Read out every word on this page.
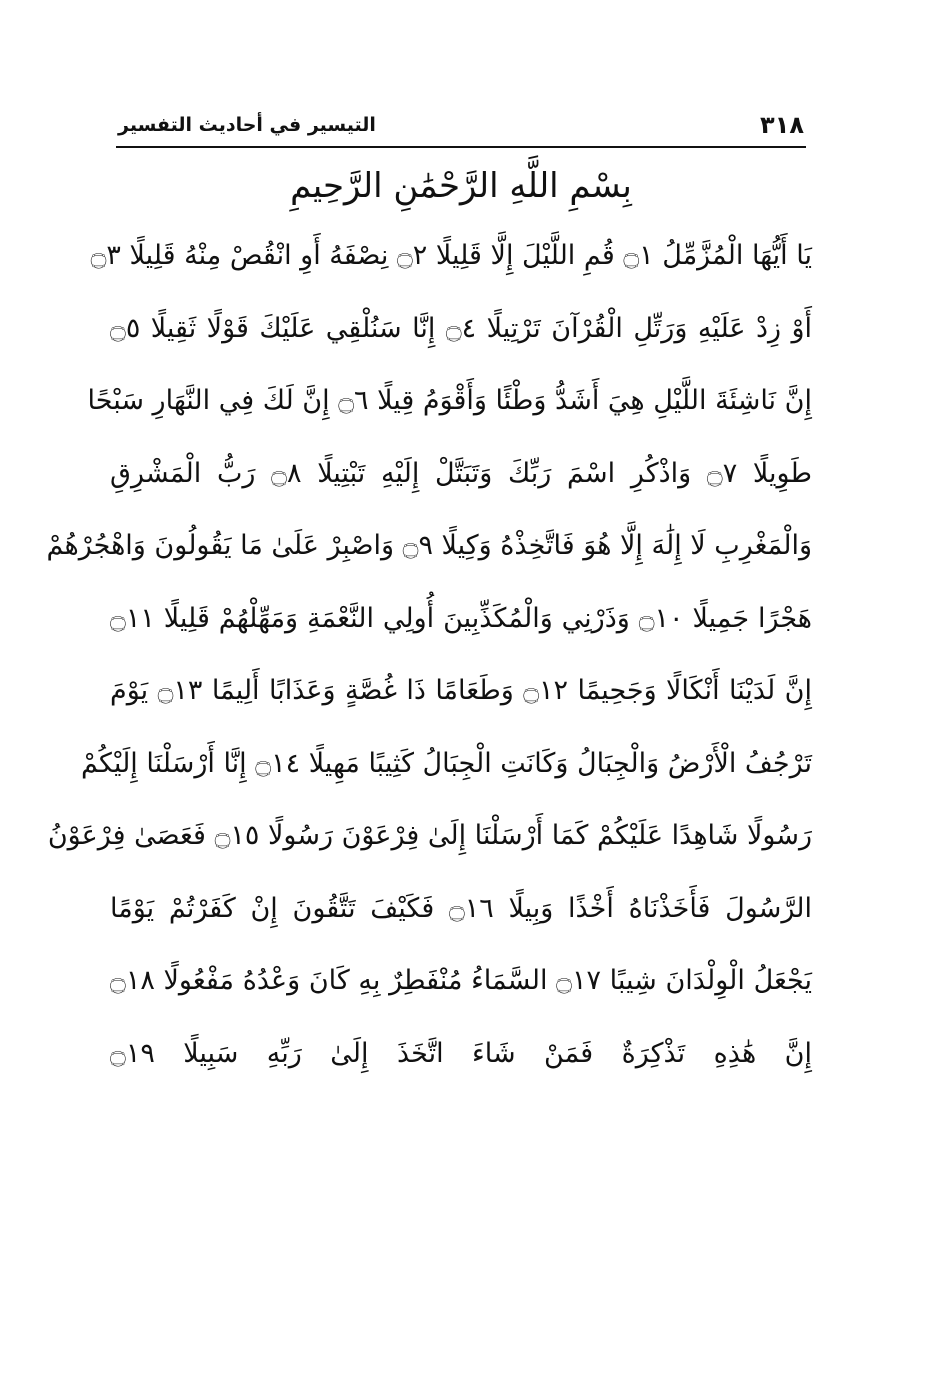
٣١٨
التيسير في أحاديث التفسير
بِسْمِ اللَّهِ الرَّحْمَٰنِ الرَّحِيمِ
يَا أَيُّهَا الْمُزَّمِّلُ ۝١ قُمِ اللَّيْلَ إِلَّا قَلِيلًا ۝٢ نِصْفَهُ أَوِ انْقُصْ مِنْهُ قَلِيلًا ۝٣
أَوْ زِدْ عَلَيْهِ وَرَتِّلِ الْقُرْآنَ تَرْتِيلًا ۝٤ إِنَّا سَنُلْقِي عَلَيْكَ قَوْلًا ثَقِيلًا ۝٥
إِنَّ نَاشِئَةَ اللَّيْلِ هِيَ أَشَدُّ وَطْئًا وَأَقْوَمُ قِيلًا ۝٦ إِنَّ لَكَ فِي النَّهَارِ سَبْحًا
طَوِيلًا ۝٧ وَاذْكُرِ اسْمَ رَبِّكَ وَتَبَتَّلْ إِلَيْهِ تَبْتِيلًا ۝٨ رَبُّ الْمَشْرِقِ
وَالْمَغْرِبِ لَا إِلَٰهَ إِلَّا هُوَ فَاتَّخِذْهُ وَكِيلًا ۝٩ وَاصْبِرْ عَلَىٰ مَا يَقُولُونَ وَاهْجُرْهُمْ
هَجْرًا جَمِيلًا ۝١٠ وَذَرْنِي وَالْمُكَذِّبِينَ أُولِي النَّعْمَةِ وَمَهِّلْهُمْ قَلِيلًا ۝١١
إِنَّ لَدَيْنَا أَنْكَالًا وَجَحِيمًا ۝١٢ وَطَعَامًا ذَا غُصَّةٍ وَعَذَابًا أَلِيمًا ۝١٣ يَوْمَ
تَرْجُفُ الْأَرْضُ وَالْجِبَالُ وَكَانَتِ الْجِبَالُ كَثِيبًا مَهِيلًا ۝١٤ إِنَّا أَرْسَلْنَا إِلَيْكُمْ
رَسُولًا شَاهِدًا عَلَيْكُمْ كَمَا أَرْسَلْنَا إِلَىٰ فِرْعَوْنَ رَسُولًا ۝١٥ فَعَصَىٰ فِرْعَوْنُ
الرَّسُولَ فَأَخَذْنَاهُ أَخْذًا وَبِيلًا ۝١٦ فَكَيْفَ تَتَّقُونَ إِنْ كَفَرْتُمْ يَوْمًا
يَجْعَلُ الْوِلْدَانَ شِيبًا ۝١٧ السَّمَاءُ مُنْفَطِرٌ بِهِ كَانَ وَعْدُهُ مَفْعُولًا ۝١٨
إِنَّ هَٰذِهِ تَذْكِرَةٌ فَمَنْ شَاءَ اتَّخَذَ إِلَىٰ رَبِّهِ سَبِيلًا ۝١٩
